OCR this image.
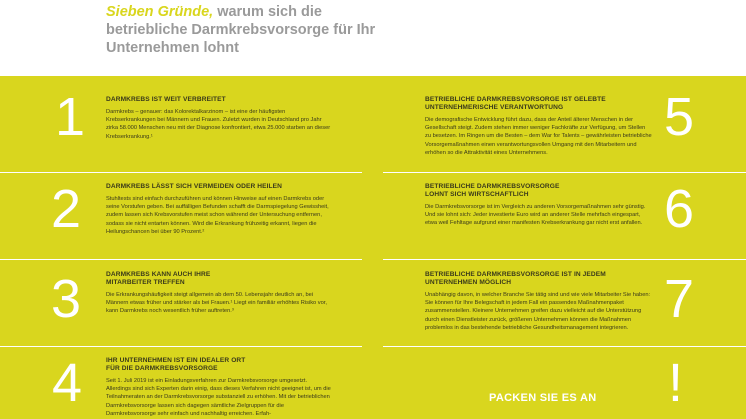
Sieben Gründe, warum sich die betriebliche Darmkrebsvorsorge für Ihr Unternehmen lohnt
1	DARMKREBS IST WEIT VERBREITET

Darmkrebs – genauer: das Kolorektalkarzinom – ist eine der häufigsten Krebserkrankungen bei Männern und Frauen. Zuletzt wurden in Deutschland pro Jahr zirka 58.000 Menschen neu mit der Diagnose konfrontiert, etwa 25.000 starben an dieser Krebserkrankung.¹

2	DARMKREBS LÄSST SICH VERMEIDEN ODER HEILEN

Stuhltests sind einfach durchzuführen und können Hinweise auf einen Darmkrebs oder seine Vorstufen geben. Bei auffälligen Befunden schafft die Darmspiegelung Gewissheit, zudem lassen sich Krebsvorstufen meist schon während der Untersuchung entfernen, sodass sie nicht entarten können. Wird die Erkrankung frühzeitig erkannt, liegen die Heilungschancen bei über 90 Prozent.²

3	DARMKREBS KANN AUCH IHRE MITARBEITER TREFFEN

Die Erkrankungshäufigkeit steigt allgemein ab dem 50. Lebensjahr deutlich an, bei Männern etwas früher und stärker als bei Frauen.¹ Liegt ein familiär erhöhtes Risiko vor, kann Darmkrebs noch wesentlich früher auftreten.³

4	IHR UNTERNEHMEN IST EIN IDEALER ORT FÜR DIE DARMKREBSVORSORGE

Seit 1. Juli 2019 ist ein Einladungsverfahren zur Darmkrebsvorsorge umgesetzt. Allerdings sind sich Experten darin einig, dass dieses Verfahren nicht geeignet ist, um die Teilnahmeraten an der Darmkrebsvorsorge substanziell zu erhöhen. Mit der betrieblichen Darmkrebsvorsorge lassen sich dagegen sämtliche Zielgruppen für die Darmkrebsvorsorge sehr einfach und nachhaltig erreichen. Erfah-

BETRIEBLICHE DARMKREBSVORSORGE IST GELEBTE UNTERNEHMERISCHE VERANTWORTUNG

Die demografische Entwicklung führt dazu, dass der Anteil älterer Menschen in der Gesellschaft steigt. Zudem stehen immer weniger Fachkräfte zur Verfügung, um Stellen zu besetzen. Im Ringen um die Besten – dem War for Talents – gewährleisten betriebliche Vorsorgemaßnahmen einen verantwortungsvollen Umgang mit den Mitarbeitern und erhöhen so die Attraktivität eines Unternehmens.

5
BETRIEBLICHE DARMKREBSVORSORGE LOHNT SICH WIRTSCHAFTLICH

Die Darmkrebsvorsorge ist im Vergleich zu anderen Vorsorgemaßnahmen sehr günstig. Und sie lohnt sich: Jeder investierte Euro wird an anderer Stelle mehrfach eingespart, etwa weil Fehltage aufgrund einer manifesten Krebserkrankung gar nicht erst anfallen. 6
BETRIEBLICHE DARMKREBSVORSORGE IST IN JEDEM UNTERNEHMEN MÖGLICH

Unabhängig davon, in welcher Branche Sie tätig sind und wie viele Mitarbeiter Sie haben: Sie können für Ihre Belegschaft in jedem Fall ein passendes Maßnahmenpaket zusammenstellen. Kleinere Unternehmen greifen dazu vielleicht auf die Unterstützung durch einen Dienstleister zurück, größeren Unternehmen können die Maßnahmen problemlos in das bestehende betriebliche Gesundheitsmanagement integrieren. 7
PACKEN SIE ES AN !
